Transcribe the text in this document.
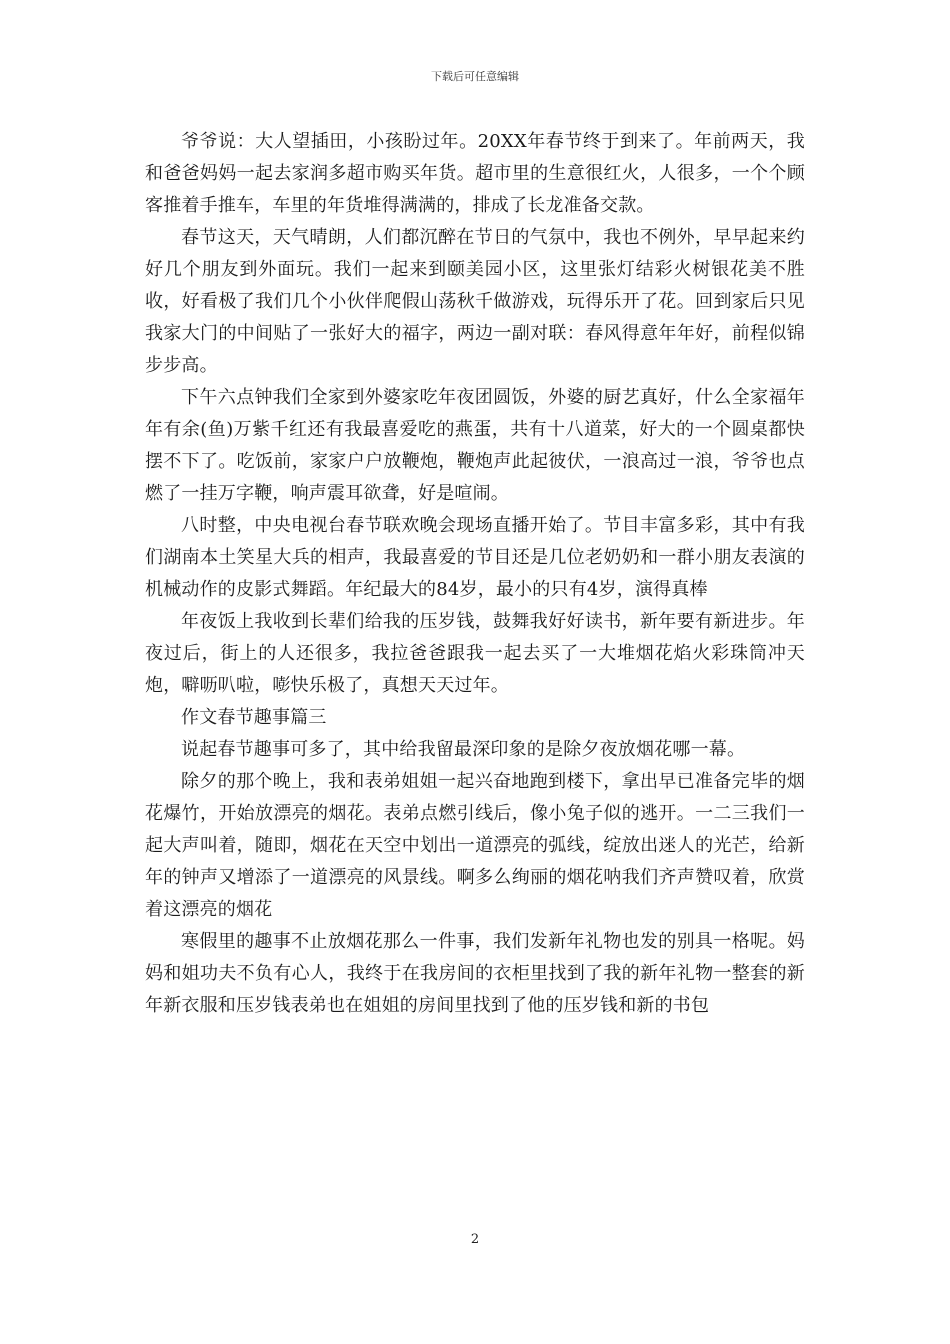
下载后可任意编辑

爷爷说：大人望插田，小孩盼过年。20XX年春节终于到来了。年前两天，我和爸爸妈妈一起去家润多超市购买年货。超市里的生意很红火，人很多，一个个顾客推着手推车，车里的年货堆得满满的，排成了长龙准备交款。

春节这天，天气晴朗，人们都沉醉在节日的气氛中，我也不例外，早早起来约好几个朋友到外面玩。我们一起来到颐美园小区，这里张灯结彩火树银花美不胜收，好看极了我们几个小伙伴爬假山荡秋千做游戏，玩得乐开了花。回到家后只见我家大门的中间贴了一张好大的福字，两边一副对联：春风得意年年好，前程似锦步步高。

下午六点钟我们全家到外婆家吃年夜团圆饭，外婆的厨艺真好，什么全家福年年有余(鱼)万紫千红还有我最喜爱吃的燕蛋，共有十八道菜，好大的一个圆桌都快摆不下了。吃饭前，家家户户放鞭炮，鞭炮声此起彼伏，一浪高过一浪，爷爷也点燃了一挂万字鞭，响声震耳欲聋，好是喧闹。

八时整，中央电视台春节联欢晚会现场直播开始了。节目丰富多彩，其中有我们湖南本土笑星大兵的相声，我最喜爱的节目还是几位老奶奶和一群小朋友表演的机械动作的皮影式舞蹈。年纪最大的84岁，最小的只有4岁，演得真棒

年夜饭上我收到长辈们给我的压岁钱，鼓舞我好好读书，新年要有新进步。年夜过后，街上的人还很多，我拉爸爸跟我一起去买了一大堆烟花焰火彩珠筒冲天炮，噼呖叭啦，嘭快乐极了，真想天天过年。

作文春节趣事篇三

说起春节趣事可多了，其中给我留最深印象的是除夕夜放烟花哪一幕。

除夕的那个晚上，我和表弟姐姐一起兴奋地跑到楼下，拿出早已准备完毕的烟花爆竹，开始放漂亮的烟花。表弟点燃引线后，像小兔子似的逃开。一二三我们一起大声叫着，随即，烟花在天空中划出一道漂亮的弧线，绽放出迷人的光芒，给新年的钟声又增添了一道漂亮的风景线。啊多么绚丽的烟花呐我们齐声赞叹着，欣赏着这漂亮的烟花

寒假里的趣事不止放烟花那么一件事，我们发新年礼物也发的别具一格呢。妈妈和姐功夫不负有心人，我终于在我房间的衣柜里找到了我的新年礼物一整套的新年新衣服和压岁钱表弟也在姐姐的房间里找到了他的压岁钱和新的书包

2
